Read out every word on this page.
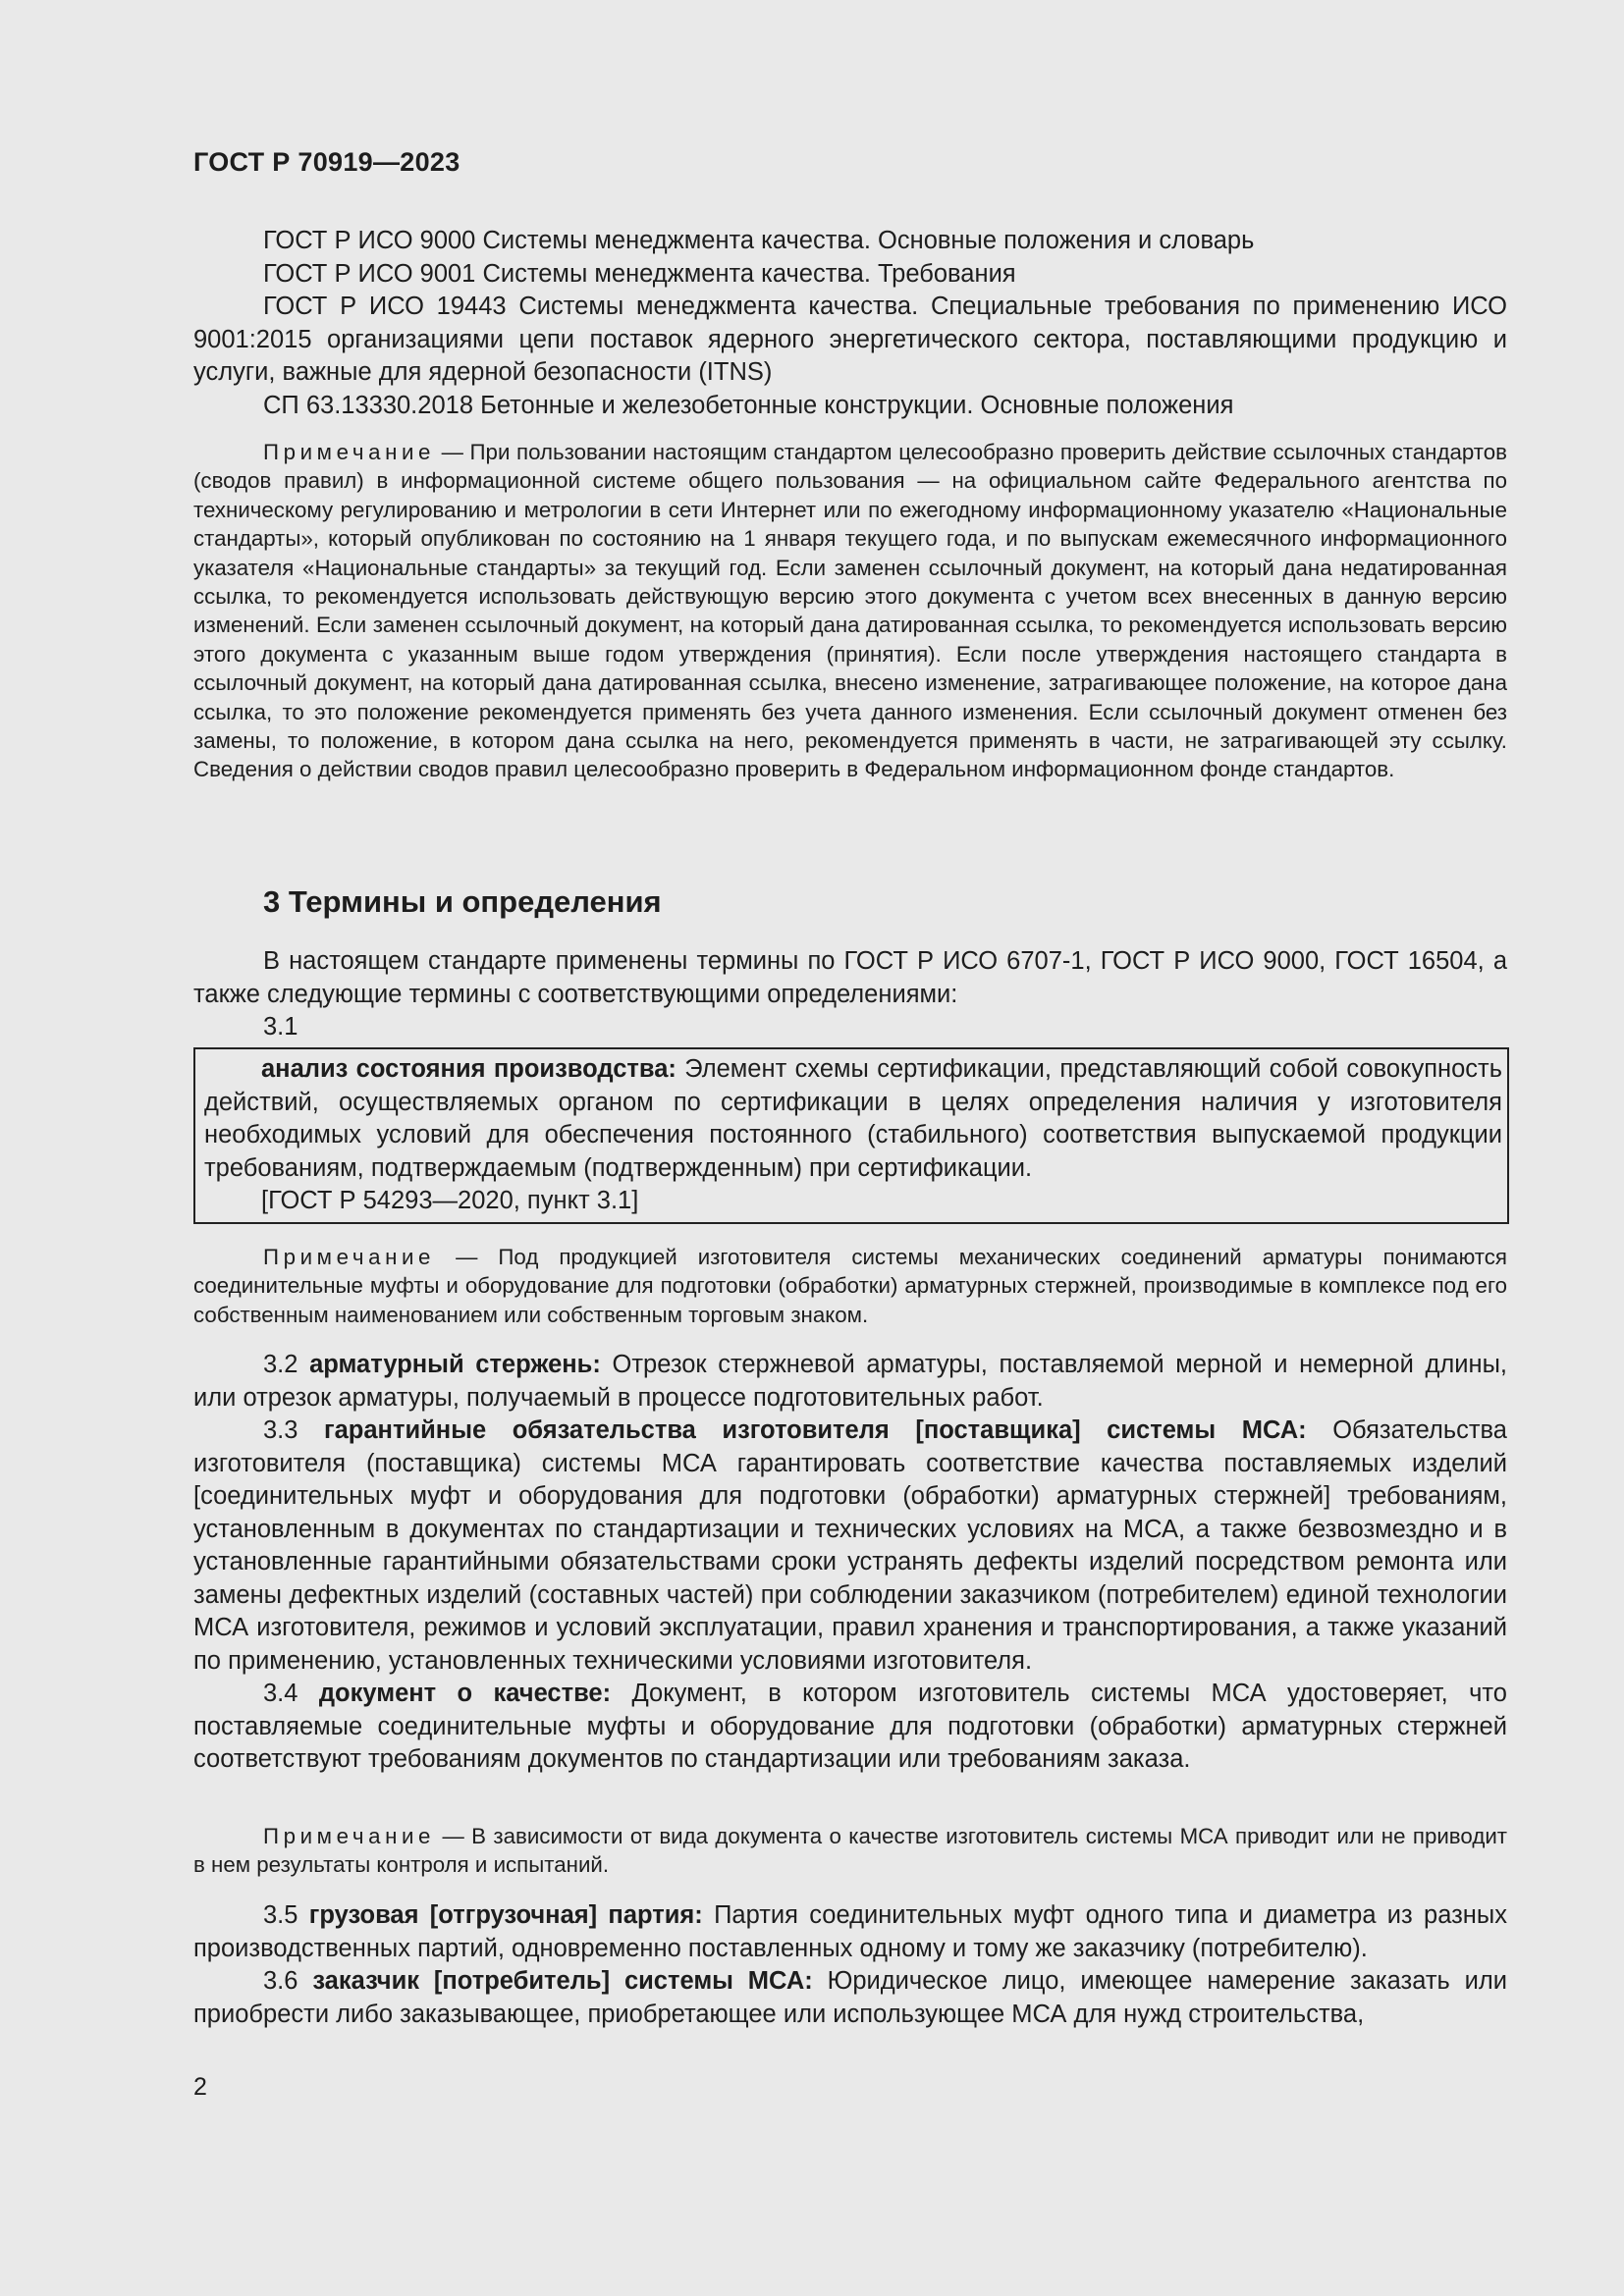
ГОСТ Р 70919—2023

ГОСТ Р ИСО 9000 Системы менеджмента качества. Основные положения и словарь

ГОСТ Р ИСО 9001 Системы менеджмента качества. Требования

ГОСТ Р ИСО 19443 Системы менеджмента качества. Специальные требования по применению ИСО 9001:2015 организациями цепи поставок ядерного энергетического сектора, поставляющими продукцию и услуги, важные для ядерной безопасности (ITNS)

СП 63.13330.2018 Бетонные и железобетонные конструкции. Основные положения

Примечание — При пользовании настоящим стандартом целесообразно проверить действие ссылочных стандартов (сводов правил) в информационной системе общего пользования — на официальном сайте Федерального агентства по техническому регулированию и метрологии в сети Интернет или по ежегодному информационному указателю «Национальные стандарты», который опубликован по состоянию на 1 января текущего года, и по выпускам ежемесячного информационного указателя «Национальные стандарты» за текущий год. Если заменен ссылочный документ, на который дана недатированная ссылка, то рекомендуется использовать действующую версию этого документа с учетом всех внесенных в данную версию изменений. Если заменен ссылочный документ, на который дана датированная ссылка, то рекомендуется использовать версию этого документа с указанным выше годом утверждения (принятия). Если после утверждения настоящего стандарта в ссылочный документ, на который дана датированная ссылка, внесено изменение, затрагивающее положение, на которое дана ссылка, то это положение рекомендуется применять без учета данного изменения. Если ссылочный документ отменен без замены, то положение, в котором дана ссылка на него, рекомендуется применять в части, не затрагивающей эту ссылку. Сведения о действии сводов правил целесообразно проверить в Федеральном информационном фонде стандартов.

3 Термины и определения

В настоящем стандарте применены термины по ГОСТ Р ИСО 6707-1, ГОСТ Р ИСО 9000, ГОСТ 16504, а также следующие термины с соответствующими определениями:

3.1

анализ состояния производства: Элемент схемы сертификации, представляющий собой совокупность действий, осуществляемых органом по сертификации в целях определения наличия у изготовителя необходимых условий для обеспечения постоянного (стабильного) соответствия выпускаемой продукции требованиям, подтверждаемым (подтвержденным) при сертификации.

[ГОСТ Р 54293—2020, пункт 3.1]

Примечание — Под продукцией изготовителя системы механических соединений арматуры понимаются соединительные муфты и оборудование для подготовки (обработки) арматурных стержней, производимые в комплексе под его собственным наименованием или собственным торговым знаком.

3.2 арматурный стержень: Отрезок стержневой арматуры, поставляемой мерной и немерной длины, или отрезок арматуры, получаемый в процессе подготовительных работ.

3.3 гарантийные обязательства изготовителя [поставщика] системы МСА: Обязательства изготовителя (поставщика) системы МСА гарантировать соответствие качества поставляемых изделий [соединительных муфт и оборудования для подготовки (обработки) арматурных стержней] требованиям, установленным в документах по стандартизации и технических условиях на МСА, а также безвозмездно и в установленные гарантийными обязательствами сроки устранять дефекты изделий посредством ремонта или замены дефектных изделий (составных частей) при соблюдении заказчиком (потребителем) единой технологии МСА изготовителя, режимов и условий эксплуатации, правил хранения и транспортирования, а также указаний по применению, установленных техническими условиями изготовителя.

3.4 документ о качестве: Документ, в котором изготовитель системы МСА удостоверяет, что поставляемые соединительные муфты и оборудование для подготовки (обработки) арматурных стержней соответствуют требованиям документов по стандартизации или требованиям заказа.

Примечание — В зависимости от вида документа о качестве изготовитель системы МСА приводит или не приводит в нем результаты контроля и испытаний.

3.5 грузовая [отгрузочная] партия: Партия соединительных муфт одного типа и диаметра из разных производственных партий, одновременно поставленных одному и тому же заказчику (потребителю).

3.6 заказчик [потребитель] системы МСА: Юридическое лицо, имеющее намерение заказать или приобрести либо заказывающее, приобретающее или использующее МСА для нужд строительства,

2
